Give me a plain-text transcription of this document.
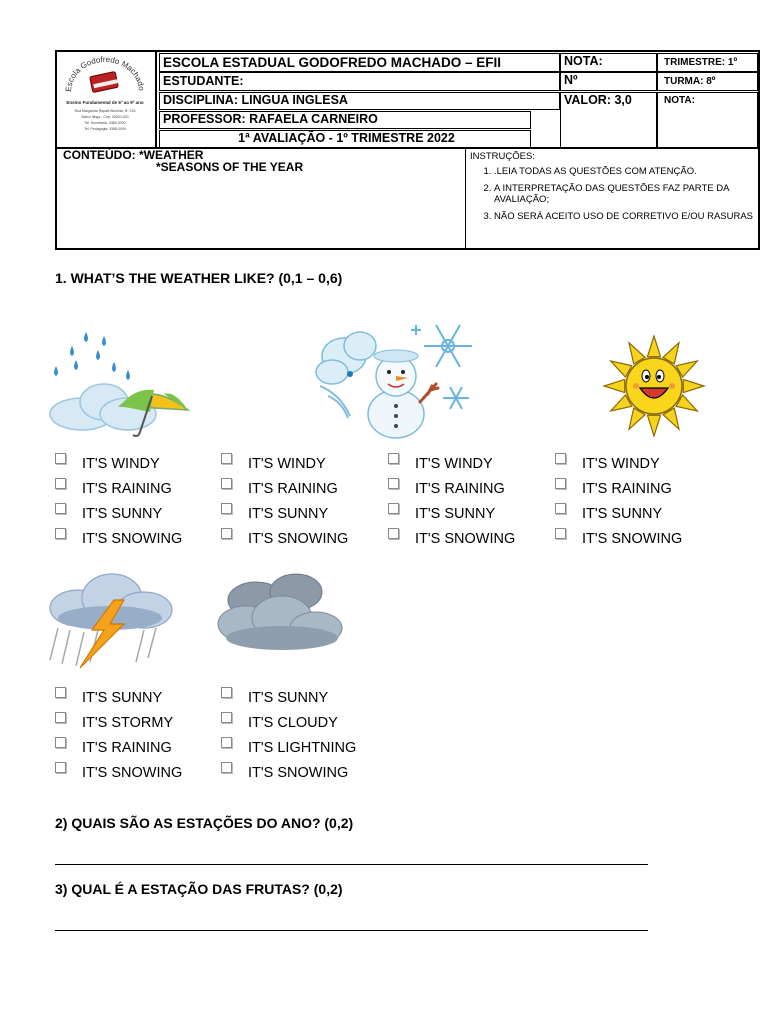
Escola Godofredo Machado
Ensino Fundamental de 6º ao 9º ano
Rua Margarida Rapalli Almeida, Nº 133
Bairro Itinga - Cep: 00000-000
Tel. Secretaria: 3368-0000
Tel. Pedagogia: 3368-0000
ESCOLA ESTADUAL GODOFREDO MACHADO – EFII
ESTUDANTE:
DISCIPLINA: LINGUA INGLESA
PROFESSOR: RAFAELA CARNEIRO
1ª AVALIAÇÃO - 1º TRIMESTRE 2022
NOTA:
Nº
VALOR: 3,0
TRIMESTRE: 1º
TURMA: 8º
NOTA:
CONTEÚDO: *WEATHER
*SEASONS OF THE YEAR
INSTRUÇÕES:
1. .LEIA TODAS AS QUESTÕES COM ATENÇÃO.
2. A INTERPRETAÇÃO DAS QUESTÕES FAZ PARTE DA AVALIAÇÃO;
3. NÃO SERÁ ACEITO USO DE CORRETIVO E/OU RASURAS
1. WHAT’S THE WEATHER LIKE? (0,1 – 0,6)
IT'S WINDY
IT'S RAINING
IT'S SUNNY
IT'S SNOWING
IT'S WINDY
IT'S RAINING
IT'S SUNNY
IT'S SNOWING
IT'S WINDY
IT'S RAINING
IT'S SUNNY
IT'S SNOWING
IT'S WINDY
IT'S RAINING
IT'S SUNNY
IT'S SNOWING
IT'S SUNNY
IT'S STORMY
IT'S RAINING
IT'S SNOWING
IT'S SUNNY
IT'S CLOUDY
IT'S LIGHTNING
IT'S SNOWING
2) QUAIS SÃO AS ESTAÇÕES DO ANO? (0,2)
3) QUAL É A ESTAÇÃO DAS FRUTAS? (0,2)
